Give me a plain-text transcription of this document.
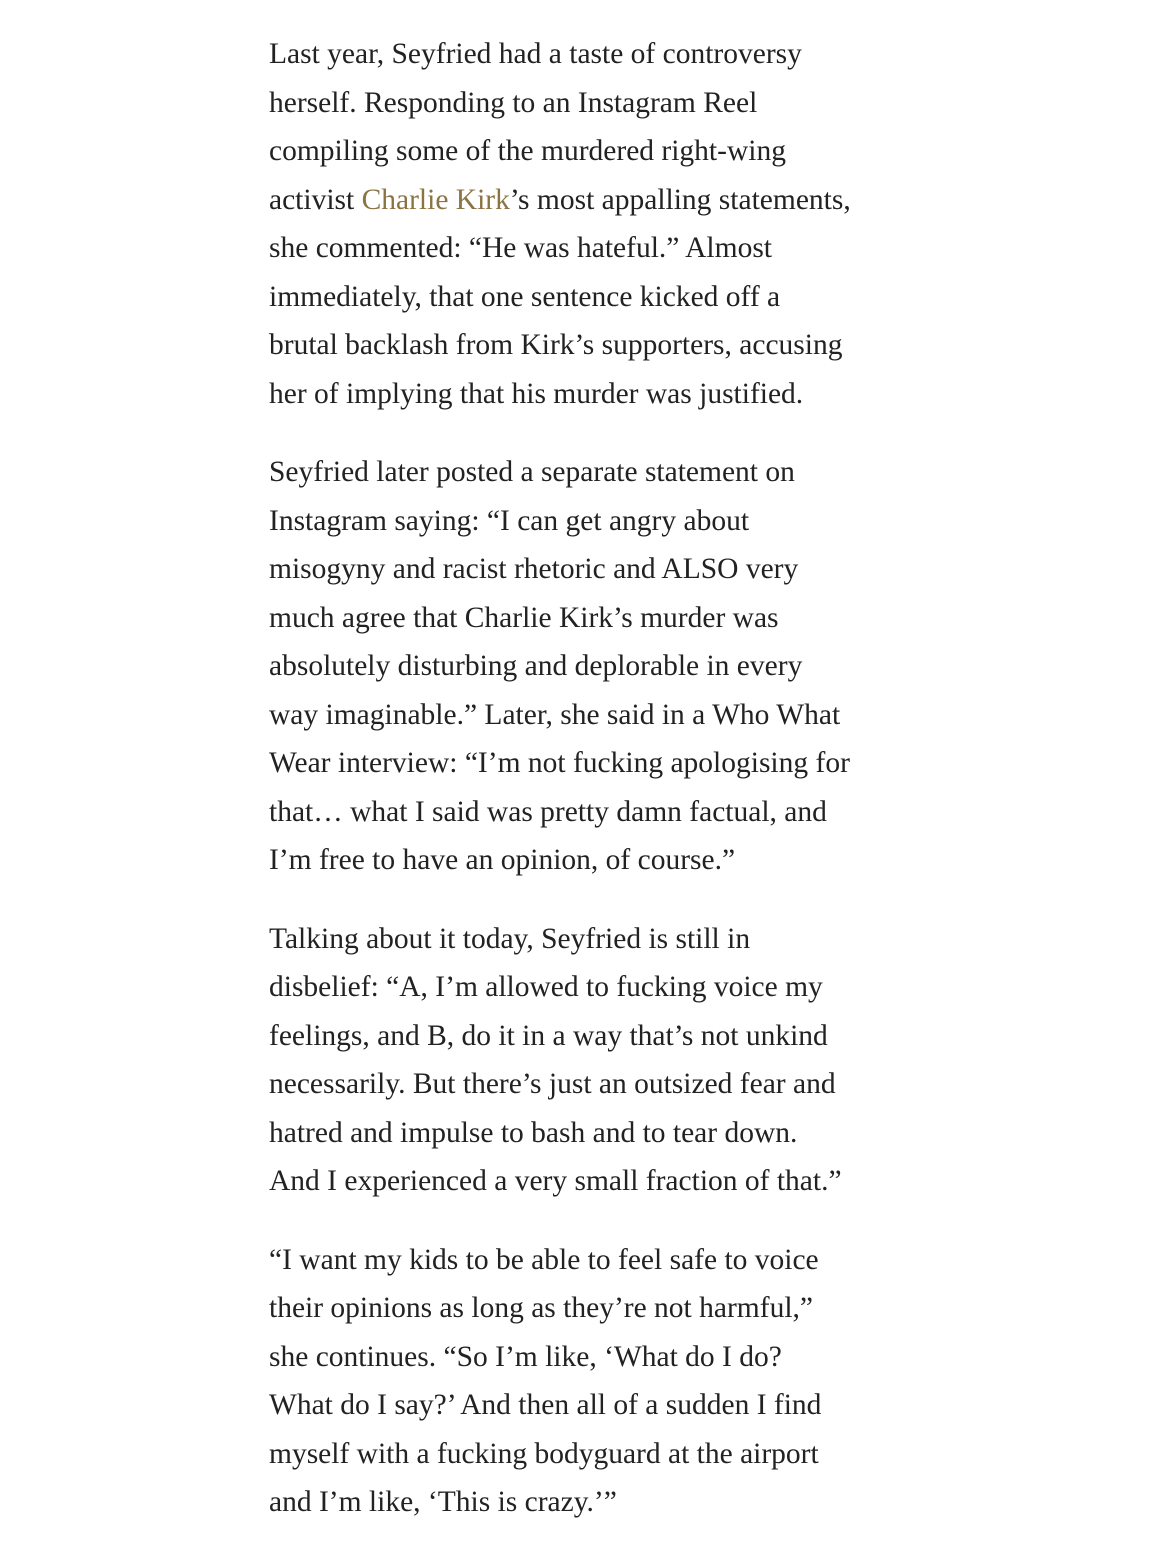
Last year, Seyfried had a taste of controversy
herself. Responding to an Instagram Reel
compiling some of the murdered right-wing
activist Charlie Kirk’s most appalling statements,
she commented: “He was hateful.” Almost
immediately, that one sentence kicked off a
brutal backlash from Kirk’s supporters, accusing
her of implying that his murder was justified.

Seyfried later posted a separate statement on
Instagram saying: “I can get angry about
misogyny and racist rhetoric and ALSO very
much agree that Charlie Kirk’s murder was
absolutely disturbing and deplorable in every
way imaginable.” Later, she said in a Who What
Wear interview: “I’m not fucking apologising for
that… what I said was pretty damn factual, and
I’m free to have an opinion, of course.”

Talking about it today, Seyfried is still in
disbelief: “A, I’m allowed to fucking voice my
feelings, and B, do it in a way that’s not unkind
necessarily. But there’s just an outsized fear and
hatred and impulse to bash and to tear down.
And I experienced a very small fraction of that.”

“I want my kids to be able to feel safe to voice
their opinions as long as they’re not harmful,”
she continues. “So I’m like, ‘What do I do?
What do I say?’ And then all of a sudden I find
myself with a fucking bodyguard at the airport
and I’m like, ‘This is crazy.’”
